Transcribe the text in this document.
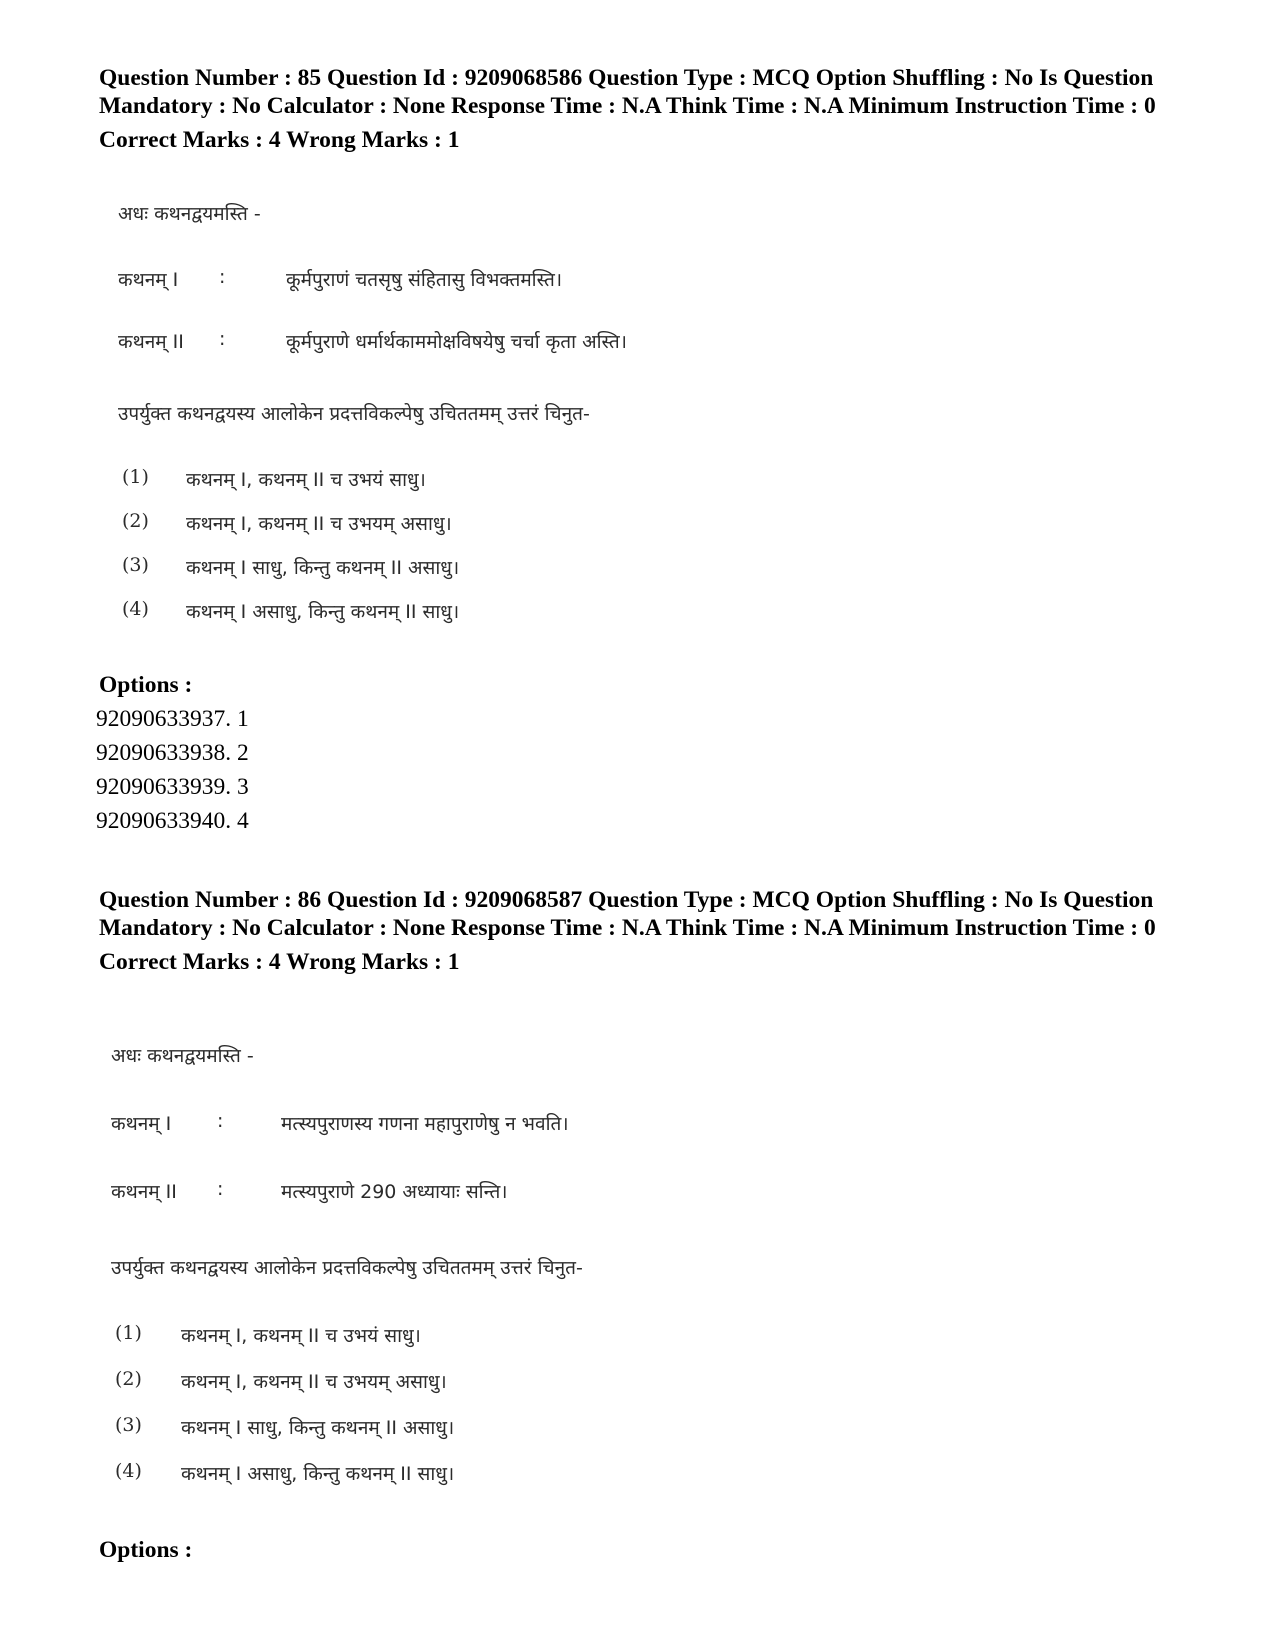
Question Number : 85 Question Id : 9209068586 Question Type : MCQ Option Shuffling : No Is Question Mandatory : No Calculator : None Response Time : N.A Think Time : N.A Minimum Instruction Time : 0

Correct Marks : 4 Wrong Marks : 1
अधः कथनद्वयमस्ति -
कथनम् I :	कूर्मपुराणं चतसृषु संहितासु विभक्तमस्ति।
कथनम् II :	कूर्मपुराणे धर्मार्थकाममोक्षविषयेषु चर्चा कृता अस्ति।
उपर्युक्त कथनद्वयस्य आलोकेन प्रदत्तविकल्पेषु उचिततमम् उत्तरं चिनुत-
(1) कथनम् I, कथनम् II च उभयं साधु।
(2) कथनम् I, कथनम् II च उभयम् असाधु।
(3) कथनम् I साधु, किन्तु कथनम् II असाधु।
(4) कथनम् I असाधु, किन्तु कथनम् II साधु।
Options :
92090633937. 1
92090633938. 2
92090633939. 3
92090633940. 4

Question Number : 86 Question Id : 9209068587 Question Type : MCQ Option Shuffling : No Is Question Mandatory : No Calculator : None Response Time : N.A Think Time : N.A Minimum Instruction Time : 0

Correct Marks : 4 Wrong Marks : 1
अधः कथनद्वयमस्ति -
कथनम् I :	मत्स्यपुराणस्य गणना महापुराणेषु न भवति।
कथनम् II :	मत्स्यपुराणे 290 अध्यायाः सन्ति।
उपर्युक्त कथनद्वयस्य आलोकेन प्रदत्तविकल्पेषु उचिततमम् उत्तरं चिनुत-
(1) कथनम् I, कथनम् II च उभयं साधु।
(2) कथनम् I, कथनम् II च उभयम् असाधु।
(3) कथनम् I साधु, किन्तु कथनम् II असाधु।
(4) कथनम् I असाधु, किन्तु कथनम् II साधु।
Options :
